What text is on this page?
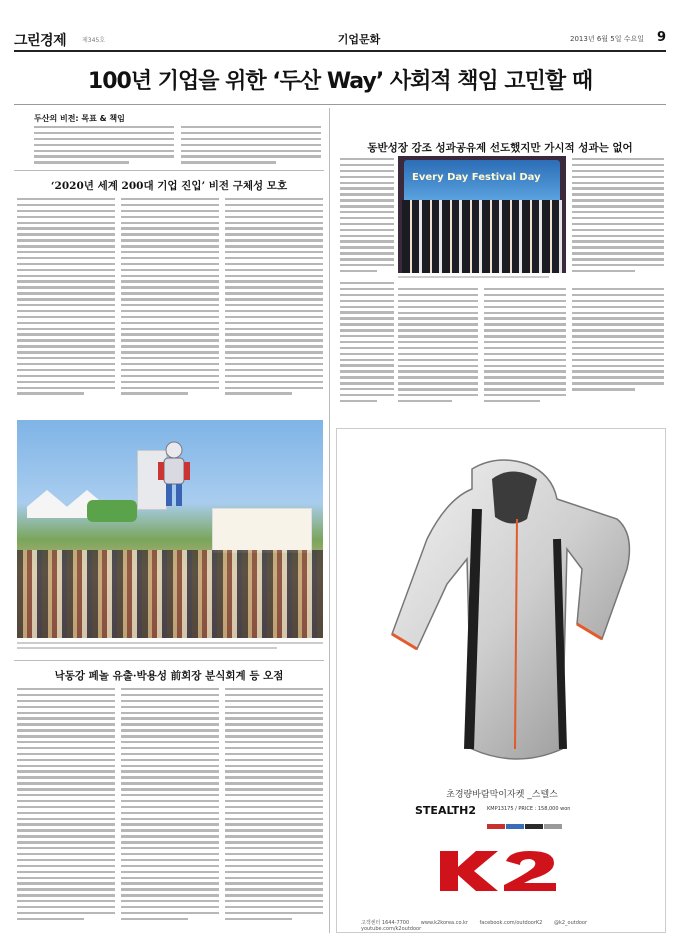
그린경제	제345호	기업문화	2013년 6월 5일 수요일 9
100년 기업을 위한 ‘두산 Way’ 사회적 책임 고민할 때
두산의 비전: 목표 & 책임
‘2020년 세계 200대 기업 진입’ 비전 구체성 모호
낙동강 페놀 유출·박용성 前회장 분식회계 등 오점
동반성장 강조 성과공유제 선도했지만 가시적 성과는 없어
Every Day Festival Day
초경량바람막이자켓 _스텔스
STEALTH2 KMP13175 / PRICE : 158,000 won
K2
고객센터 1644-7700 www.k2korea.co.kr facebook.com/outdoorK2 @k2_outdoor youtube.com/k2outdoor
